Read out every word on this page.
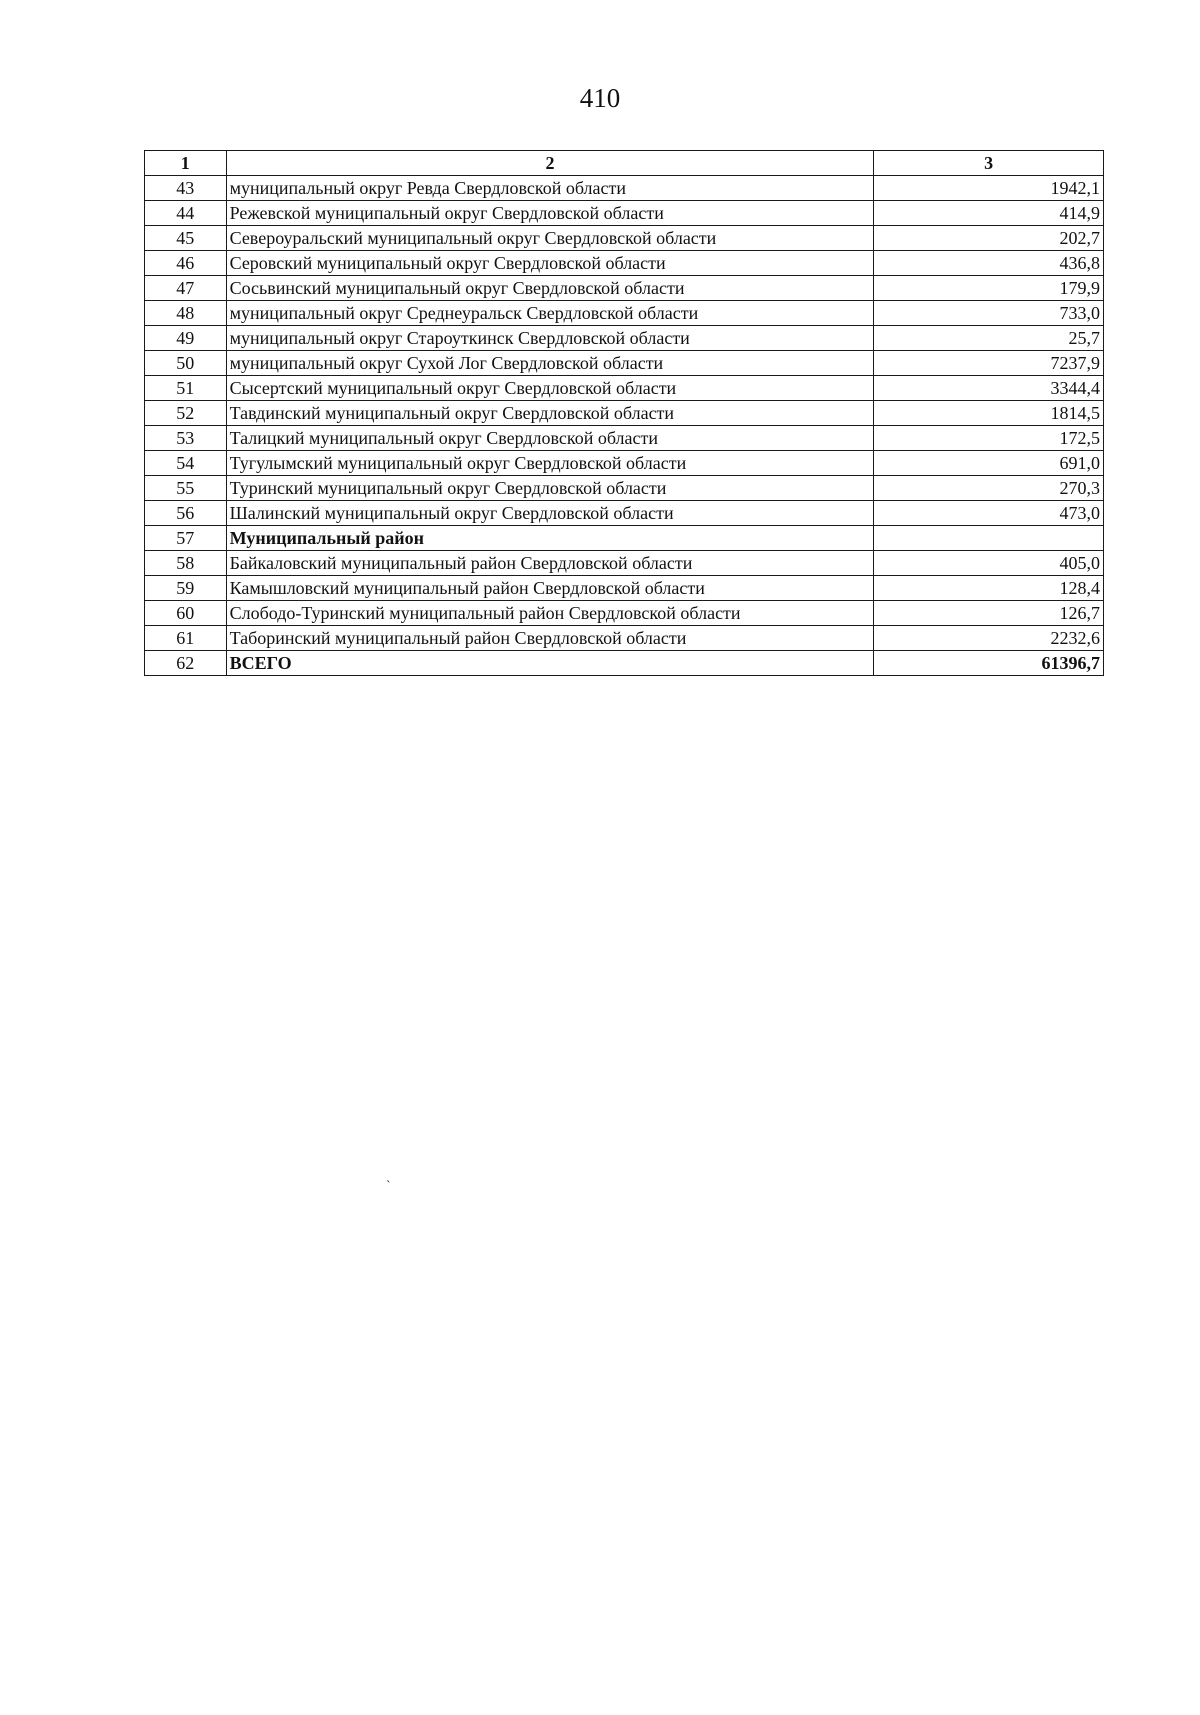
410
1	2	3
43	муниципальный округ Ревда Свердловской области	1942,1
44	Режевской муниципальный округ Свердловской области	414,9
45	Североуральский муниципальный округ Свердловской области	202,7
46	Серовский муниципальный округ Свердловской области	436,8
47	Сосьвинский муниципальный округ Свердловской области	179,9
48	муниципальный округ Среднеуральск Свердловской области	733,0
49	муниципальный округ Староуткинск Свердловской области	25,7
50	муниципальный округ Сухой Лог Свердловской области	7237,9
51	Сысертский муниципальный округ Свердловской области	3344,4
52	Тавдинский муниципальный округ Свердловской области	1814,5
53	Талицкий муниципальный округ Свердловской области	172,5
54	Тугулымский муниципальный округ Свердловской области	691,0
55	Туринский муниципальный округ Свердловской области	270,3
56	Шалинский муниципальный округ Свердловской области	473,0
57	Муниципальный район	
58	Байкаловский муниципальный район Свердловской области	405,0
59	Камышловский муниципальный район Свердловской области	128,4
60	Слободо-Туринский муниципальный район Свердловской области	126,7
61	Таборинский муниципальный район Свердловской области	2232,6
62	ВСЕГО	61396,7
`
